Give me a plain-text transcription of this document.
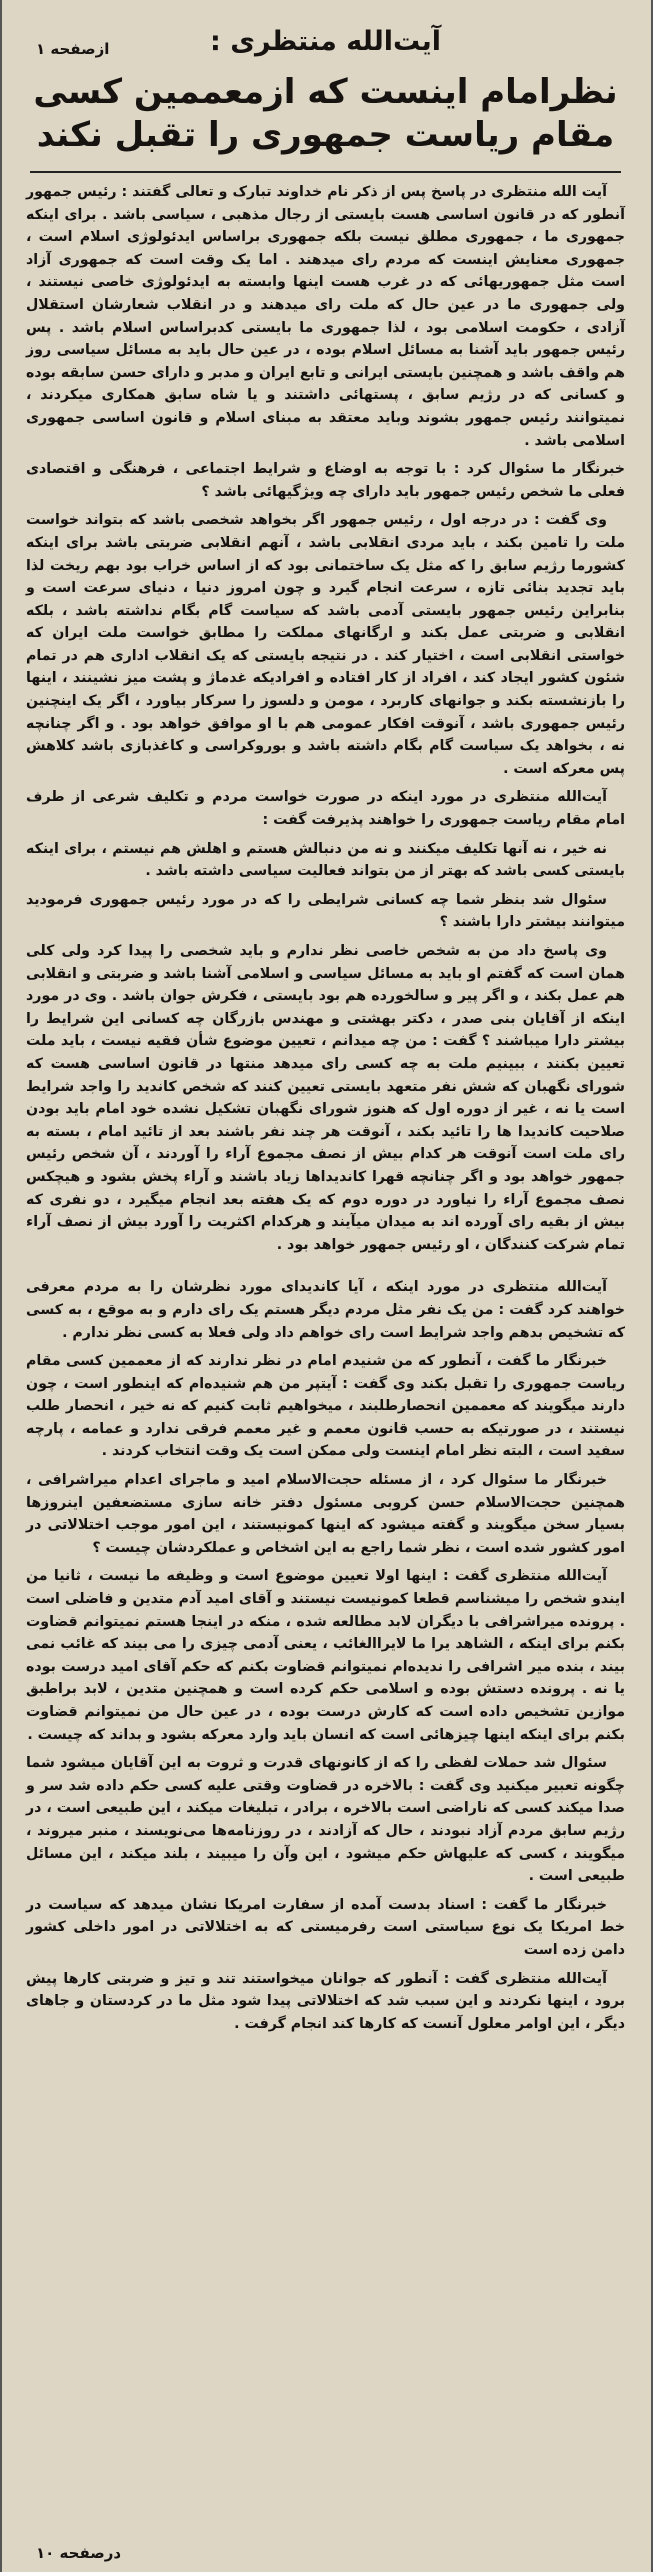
ازصفحه ۱	آیت‌الله منتظری :
نظرامام اینست که ازمعممین کسی
مقام ریاست جمهوری را تقبل نکند

آیت الله منتظری در پاسخ پس از ذکر نام خداوند تبارک و تعالی گفتند : رئیس جمهور آنطور که در قانون اساسی هست بایستی از رجال مذهبی ، سیاسی باشد . برای اینکه جمهوری ما ، جمهوری مطلق نیست بلکه جمهوری براساس ایدئولوژی اسلام است ، جمهوری معنایش اینست که مردم رای میدهند . اما یک وقت است که جمهوری آزاد است مثل جمهوریهائی که در غرب هست اینها وابسته به ایدئولوژی خاصی نیستند ، ولی جمهوری ما در عین حال که ملت رای میدهند و در انقلاب شعارشان استقلال آزادی ، حکومت اسلامی بود ، لذا جمهوری ما بایستی کدبراساس اسلام باشد . پس رئیس جمهور باید آشنا به مسائل اسلام بوده ، در عین حال باید به مسائل سیاسی روز هم واقف باشد و همچنین بایستی ایرانی و تابع ایران و مدبر و دارای حسن سابقه بوده و کسانی که در رژیم سابق ، پستهائی داشتند و یا شاه سابق همکاری میکردند ، نمیتوانند رئیس جمهور بشوند وباید معتقد به مبنای اسلام و قانون اساسی جمهوری اسلامی باشد .

خبرنگار ما سئوال کرد : با توجه به اوضاع و شرایط اجتماعی ، فرهنگی و اقتصادی فعلی ما شخص رئیس جمهور باید دارای چه ویژگیهائی باشد ؟

وی گفت : در درجه اول ، رئیس جمهور اگر بخواهد شخصی باشد که بتواند خواست ملت را تامین بکند ، باید مردی انقلابی باشد ، آنهم انقلابی ضربتی باشد برای اینکه کشورما رژیم سابق را که مثل یک ساختمانی بود که از اساس خراب بود بهم ریخت لذا باید تجدید بنائی تازه ، سرعت انجام گیرد و چون امروز دنیا ، دنیای سرعت است و بنابراین رئیس جمهور بایستی آدمی باشد که سیاست گام بگام نداشته باشد ، بلکه انقلابی و ضربتی عمل بکند و ارگانهای مملکت را مطابق خواست ملت ایران که خواستی انقلابی است ، اختیار کند . در نتیجه بایستی که یک انقلاب اداری هم در تمام شئون کشور ایجاد کند ، افراد از کار افتاده و افرادیکه غدماژ و پشت میز نشینند ، اینها را بازنشسته بکند و جوانهای کاربرد ، مومن و دلسوز را سرکار بیاورد ، اگر یک اینچنین رئیس جمهوری باشد ، آنوقت افکار عمومی هم با او موافق خواهد بود . و اگر چنانچه نه ، بخواهد یک سیاست گام بگام داشته باشد و بوروکراسی و کاغذبازی باشد کلاهش پس معرکه است .

آیت‌الله منتظری در مورد اینکه در صورت خواست مردم و تکلیف شرعی از طرف امام مقام ریاست جمهوری را خواهند پذیرفت گفت :

نه خیر ، نه آنها تکلیف میکنند و نه من دنبالش هستم و اهلش هم نیستم ، برای اینکه بایستی کسی باشد که بهتر از من بتواند فعالیت سیاسی داشته باشد .

سئوال شد بنظر شما چه کسانی شرایطی را که در مورد رئیس جمهوری فرمودید میتوانند بیشتر دارا باشند ؟

وی پاسخ داد من به شخص خاصی نظر ندارم و باید شخصی را پیدا کرد ولی کلی همان است که گفتم او باید به مسائل سیاسی و اسلامی آشنا باشد و ضربتی و انقلابی هم عمل بکند ، و اگر پیر و سالخورده هم بود بایستی ، فکرش جوان باشد . وی در مورد اینکه از آقایان بنی صدر ، دکتر بهشتی و مهندس بازرگان چه کسانی این شرایط را بیشتر دارا میباشند ؟ گفت : من چه میدانم ، تعیین موضوع شأن فقیه نیست ، باید ملت تعیین بکنند ، ببینیم ملت به چه کسی رای میدهد منتها در قانون اساسی هست که شورای نگهبان که شش نفر متعهد بایستی تعیین کنند که شخص کاندید را واجد شرایط است یا نه ، غیر از دوره اول که هنوز شورای نگهبان تشکیل نشده خود امام باید بودن صلاحیت کاندیدا ها را تائید بکند ، آنوقت هر چند نفر باشند بعد از تائید امام ، بسته به رای ملت است آنوقت هر کدام بیش از نصف مجموع آراء را آوردند ، آن شخص رئیس جمهور خواهد بود و اگر چنانچه قهرا کاندیداها زیاد باشند و آراء پخش بشود و هیچکس نصف مجموع آراء را نیاورد در دوره دوم که یک هفته بعد انجام میگیرد ، دو نفری که بیش از بقیه رای آورده اند به میدان میآیند و هرکدام اکثریت را آورد بیش از نصف آراء تمام شرکت کنندگان ، او رئیس جمهور خواهد بود .

آیت‌الله منتظری در مورد اینکه ، آیا کاندیدای مورد نظرشان را به مردم معرفی خواهند کرد گفت : من یک نفر مثل مردم دیگر هستم یک رای دارم و به موقع ، به کسی که تشخیص بدهم واجد شرایط است رای خواهم داد ولی فعلا به کسی نظر ندارم .

خبرنگار ما گفت ، آنطور که من شنیدم امام در نظر ندارند که از معممین کسی مقام ریاست جمهوری را تقبل بکند وی گفت : آیتپر من هم شنیده‌ام که اینطور است ، چون دارند میگویند که معممین انحصارطلبند ، میخواهیم ثابت کنیم که نه خیر ، انحصار طلب نیستند ، در صورتیکه به حسب قانون معمم و غیر معمم فرقی ندارد و عمامه ، پارچه سفید است ، البته نظر امام اینست ولی ممکن است یک وقت انتخاب کردند .

خبرنگار ما سئوال کرد ، از مسئله حجت‌الاسلام امید و ماجرای اعدام میراشرافی ، همچنین حجت‌الاسلام حسن کروبی مسئول دفتر خانه سازی مستضعفین اینروزها بسیار سخن میگویند و گفته میشود که اینها کمونیستند ، این امور موجب اختلالاتی در امور کشور شده است ، نظر شما راجع به این اشخاص و عملکردشان چیست ؟

آیت‌الله منتظری گفت : اینها اولا تعیین موضوع است و وظیفه ما نیست ، ثانیا من ایندو شخص را میشناسم قطعا کمونیست نیستند و آقای امید آدم متدین و فاضلی است . پرونده میراشرافی با دیگران لابد مطالعه شده ، منکه در اینجا هستم نمیتوانم قضاوت بکنم برای اینکه ، الشاهد یرا ما لایراالغائب ، یعنی آدمی چیزی را می بیند که غائب نمی بیند ، بنده میر اشرافی را ندیده‌ام نمیتوانم قضاوت بکنم که حکم آقای امید درست بوده یا نه . پرونده دستش بوده و اسلامی حکم کرده است و همچنین متدین ، لابد براطبق موازین تشخیص داده است که کارش درست بوده ، در عین حال من نمیتوانم قضاوت بکنم برای اینکه اینها چیزهائی است که انسان باید وارد معرکه بشود و بداند که چیست .

سئوال شد حملات لفظی را که از کانونهای قدرت و ثروت به این آقایان میشود شما چگونه تعبیر میکنید وی گفت : بالاخره در قضاوت وقتی علیه کسی حکم داده شد سر و صدا میکند کسی که ناراضی است بالاخره ، برادر ، تبلیغات میکند ، این طبیعی است ، در رژیم سابق مردم آزاد نبودند ، حال که آزادند ، در روزنامه‌ها می‌نویسند ، منبر میروند ، میگویند ، کسی که علیهاش حکم میشود ، این وآن را میبیند ، بلند میکند ، این مسائل طبیعی است .

خبرنگار ما گفت : اسناد بدست آمده از سفارت امریکا نشان میدهد که سیاست در خط امریکا یک نوع سیاستی است رفرمیستی که به اختلالاتی در امور داخلی کشور دامن زده است

آیت‌الله منتظری گفت : آنطور که جوانان میخواستند تند و تیز و ضربتی کارها پیش برود ، اینها نکردند و این سبب شد که اختلالاتی پیدا شود مثل ما در کردستان و جاهای دیگر ، این اوامر معلول آنست که کارها کند انجام گرفت .

درصفحه ۱۰
